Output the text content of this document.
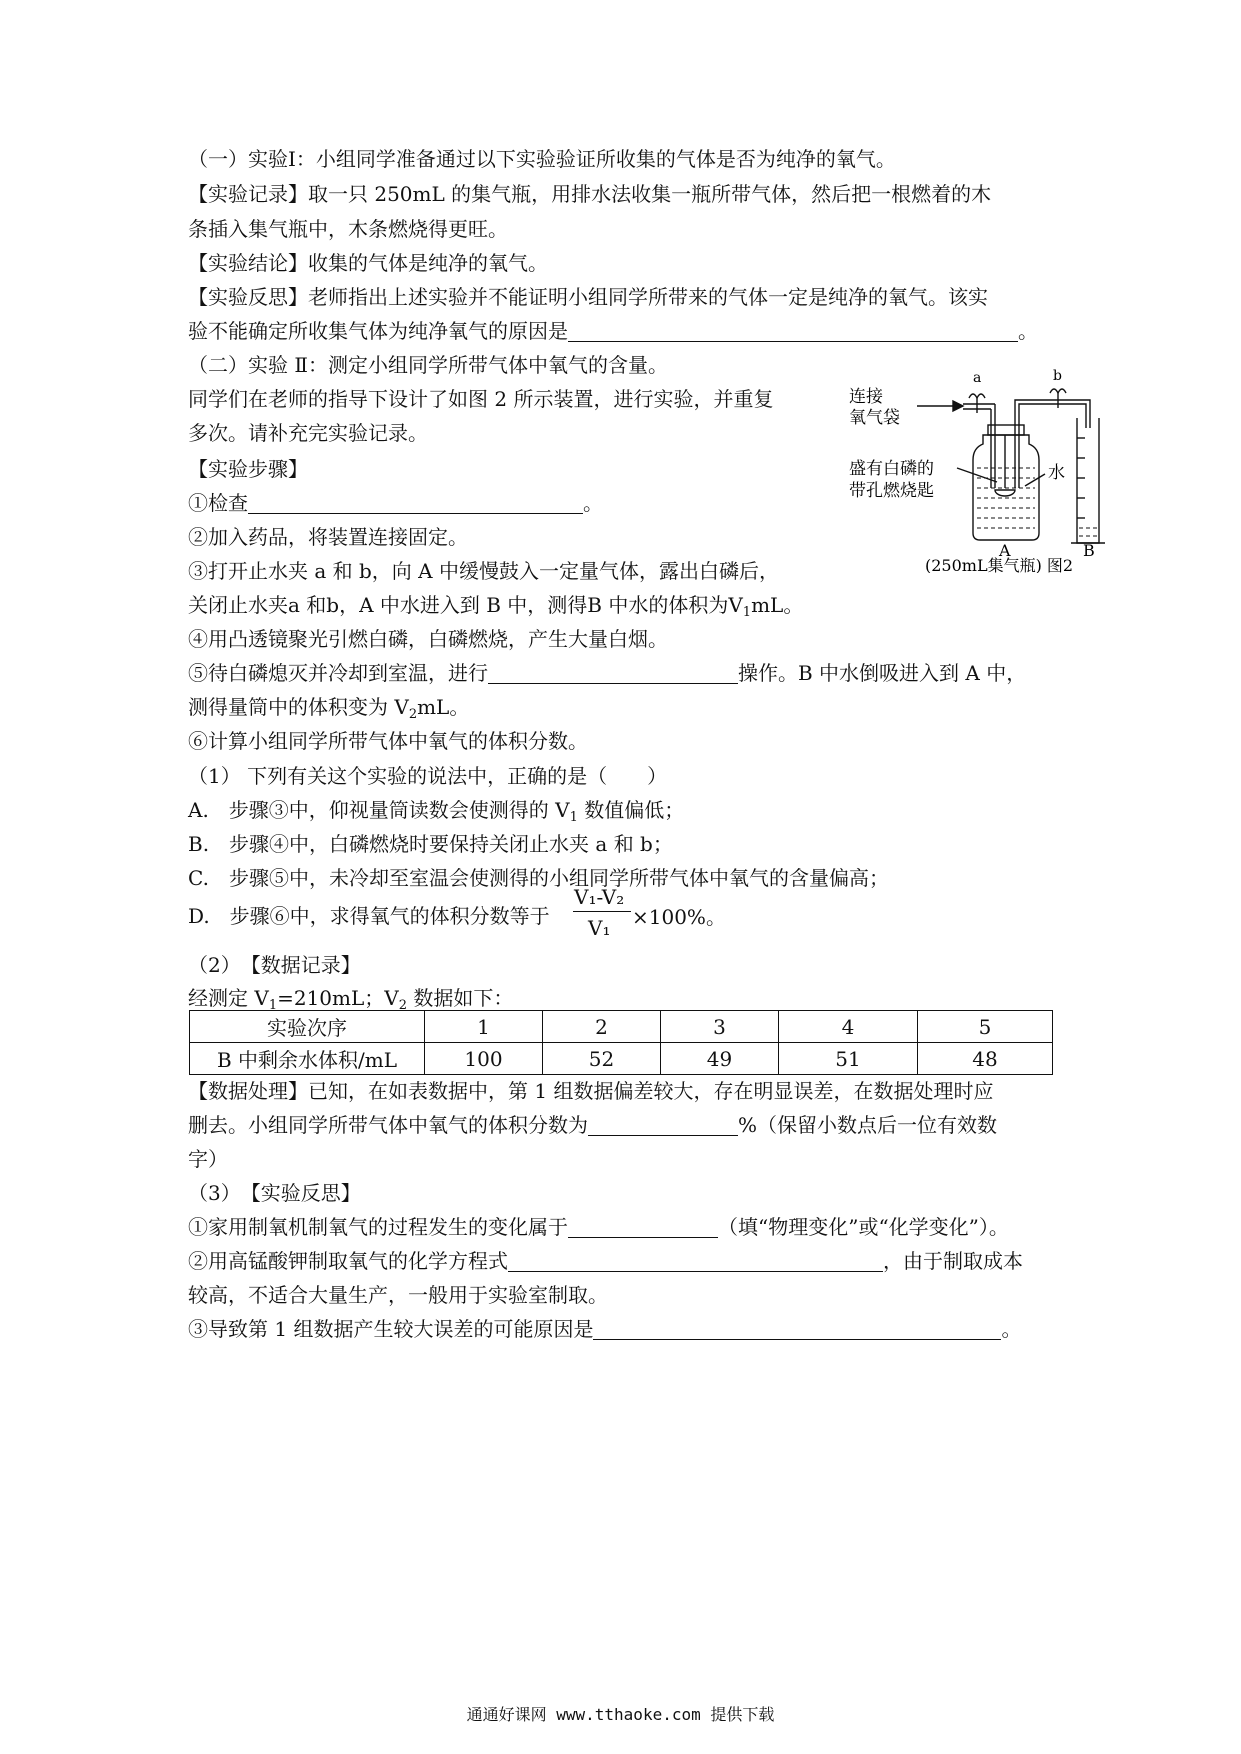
（一）实验Ⅰ：小组同学准备通过以下实验验证所收集的气体是否为纯净的氧气。
【实验记录】取一只 250mL 的集气瓶，用排水法收集一瓶所带气体，然后把一根燃着的木
条插入集气瓶中，木条燃烧得更旺。
【实验结论】收集的气体是纯净的氧气。
【实验反思】老师指出上述实验并不能证明小组同学所带来的气体一定是纯净的氧气。该实
验不能确定所收集气体为纯净氧气的原因是	。
（二）实验 Ⅱ：测定小组同学所带气体中氧气的含量。
同学们在老师的指导下设计了如图 2 所示装置，进行实验，并重复
多次。请补充完实验记录。
【实验步骤】
①检查	。
②加入药品，将装置连接固定。
③打开止水夹 a 和 b，向 A 中缓慢鼓入一定量气体，露出白磷后，
关闭止水夹a 和b，A 中水进入到 B 中，测得B 中水的体积为$V_1mL$。
④用凸透镜聚光引燃白磷，白磷燃烧，产生大量白烟。
⑤待白磷熄灭并冷却到室温，进行	操作。B 中水倒吸进入到 A 中，
测得量筒中的体积变为 $V_2mL$。
⑥计算小组同学所带气体中氧气的体积分数。
a	b
连接
氧气袋
盛有白磷的
带孔燃烧匙
水
A	B
(250mL集气瓶) 图2
（1） 下列有关这个实验的说法中，正确的是（　　）
A.　步骤③中，仰视量筒读数会使测得的 $V_1$ 数值偏低；
B.　步骤④中，白磷燃烧时要保持关闭止水夹 a 和 b；
C.　步骤⑤中，未冷却至室温会使测得的小组同学所带气体中氧气的含量偏高；
D.　步骤⑥中，求得氧气的体积分数等于
V₁-V₂
×100%。
V₁
（2）　【数据记录】
经测定 $V_1=210mL$；$V_2$ 数据如下：
实验次序	1	2	3	4	5
B 中剩余水体积/mL	100	52	49	51	48
【数据处理】已知，在如表数据中，第 1 组数据偏差较大，存在明显误差，在数据处理时应
删去。小组同学所带气体中氧气的体积分数为	%（保留小数点后一位有效数
字）
（3）　【实验反思】
①家用制氧机制氧气的过程发生的变化属于	（填“物理变化”或“化学变化”）。
②用高锰酸钾制取氧气的化学方程式	，由于制取成本
较高，不适合大量生产，一般用于实验室制取。
③导致第 1 组数据产生较大误差的可能原因是	。
通通好课网 www.tthaoke.com 提供下载
